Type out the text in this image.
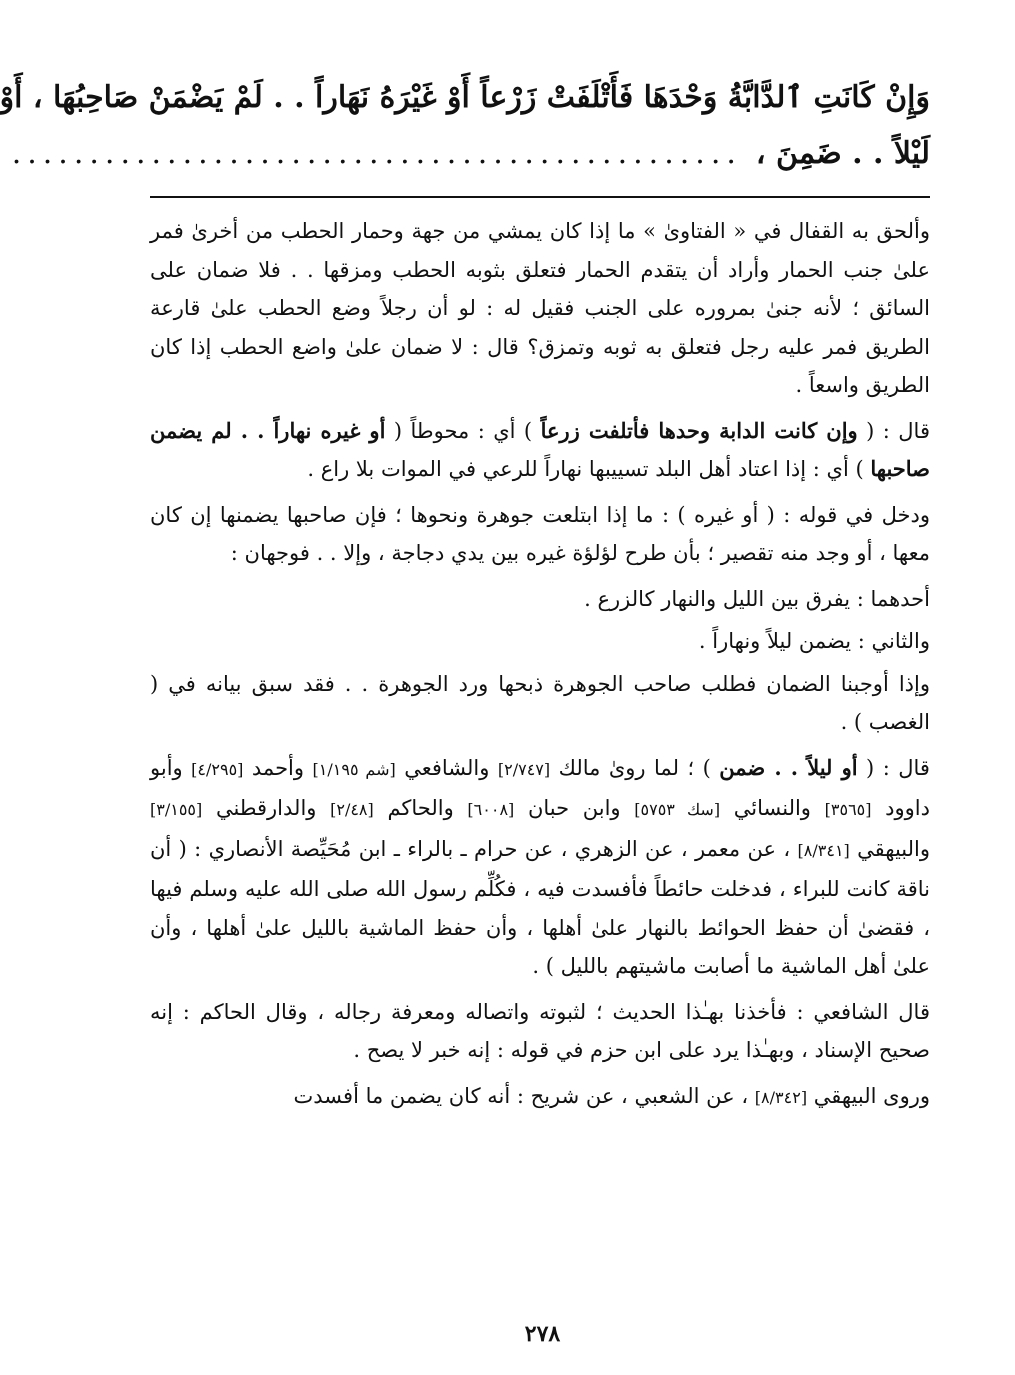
وَإِنْ كَانَتِ ٱلدَّابَّةُ وَحْدَهَا فَأَتْلَفَتْ زَرْعاً أَوْ غَيْرَهُ نَهَاراً . . لَمْ يَضْمَنْ صَاحِبُهَا ، أَوْ
لَيْلاً . . ضَمِنَ ،
...............................................

وألحق به القفال في « الفتاوىٰ » ما إذا كان يمشي من جهة وحمار الحطب من أخرىٰ فمر علىٰ جنب الحمار وأراد أن يتقدم الحمار فتعلق بثوبه الحطب ومزقها . . فلا ضمان على السائق ؛ لأنه جنىٰ بمروره على الجنب فقيل له : لو أن رجلاً وضع الحطب علىٰ قارعة الطريق فمر عليه رجل فتعلق به ثوبه وتمزق؟ قال : لا ضمان علىٰ واضع الحطب إذا كان الطريق واسعاً .

قال : ( وإن كانت الدابة وحدها فأتلفت زرعاً ) أي : محوطاً ( أو غيره نهاراً . . لم يضمن صاحبها ) أي : إذا اعتاد أهل البلد تسييبها نهاراً للرعي في الموات بلا راع .

ودخل في قوله : ( أو غيره ) : ما إذا ابتلعت جوهرة ونحوها ؛ فإن صاحبها يضمنها إن كان معها ، أو وجد منه تقصير ؛ بأن طرح لؤلؤة غيره بين يدي دجاجة ، وإلا . . فوجهان :

أحدهما : يفرق بين الليل والنهار كالزرع .

والثاني : يضمن ليلاً ونهاراً .

وإذا أوجبنا الضمان فطلب صاحب الجوهرة ذبحها ورد الجوهرة . . فقد سبق بيانه في ( الغصب ) .

قال : ( أو ليلاً . . ضمن ) ؛ لما روىٰ مالك [٢/٧٤٧] والشافعي [شم ١/١٩٥] وأحمد [٤/٢٩٥] وأبو داوود [٣٥٦٥] والنسائي [سك ٥٧٥٣] وابن حبان [٦٠٠٨] والحاكم [٢/٤٨] والدارقطني [٣/١٥٥] والبيهقي [٨/٣٤١] ، عن معمر ، عن الزهري ، عن حرام ـ بالراء ـ ابن مُحَيِّصة الأنصاري : ( أن ناقة كانت للبراء ، فدخلت حائطاً فأفسدت فيه ، فكُلِّم رسول الله صلى الله عليه وسلم فيها ، فقضىٰ أن حفظ الحوائط بالنهار علىٰ أهلها ، وأن حفظ الماشية بالليل علىٰ أهلها ، وأن علىٰ أهل الماشية ما أصابت ماشيتهم بالليل ) .

قال الشافعي : فأخذنا بهـٰذا الحديث ؛ لثبوته واتصاله ومعرفة رجاله ، وقال الحاكم : إنه صحيح الإسناد ، وبهـٰذا يرد على ابن حزم في قوله : إنه خبر لا يصح .

وروى البيهقي [٨/٣٤٢] ، عن الشعبي ، عن شريح : أنه كان يضمن ما أفسدت

٢٧٨
